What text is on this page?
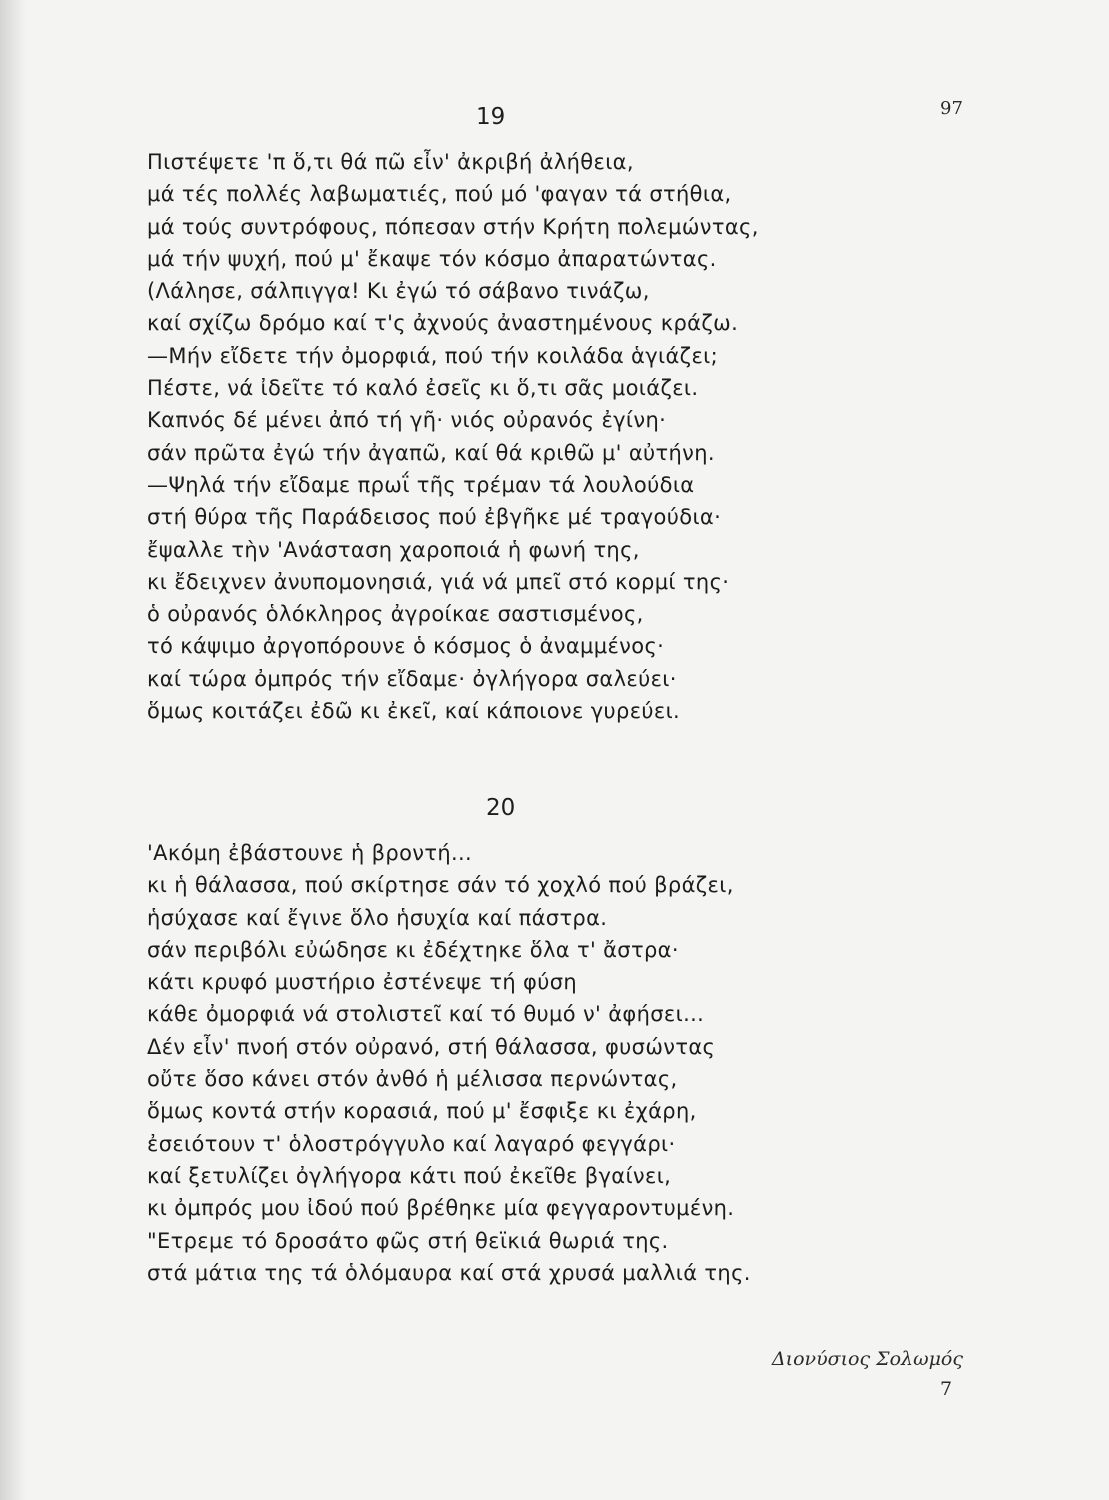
97
19
Πιστέψετε 'π ὅ,τι θά πῶ εἶν' ἀκριβή ἀλήθεια,
μά τές πολλές λαβωματιές, πού μό 'φαγαν τά στήθια,
μά τούς συντρόφους, πόπεσαν στήν Κρήτη πολεμώντας,
μά τήν ψυχή, πού μ' ἔκαψε τόν κόσμο ἀπαρατώντας.
(Λάλησε, σάλπιγγα! Κι ἐγώ τό σάβανο τινάζω,
καί σχίζω δρόμο καί τ'ς ἀχνούς ἀναστημένους κράζω.
—Μήν εἴδετε τήν ὀμορφιά, πού τήν κοιλάδα ἁγιάζει;
Πέστε, νά ἰδεῖτε τό καλό ἐσεῖς κι ὅ,τι σᾶς μοιάζει.
Καπνός δέ μένει ἀπό τή γῆ· νιός οὐρανός ἐγίνη·
σάν πρῶτα ἐγώ τήν ἀγαπῶ, καί θά κριθῶ μ' αὐτήνη.
—Ψηλά τήν εἴδαμε πρωΐ τῆς τρέμαν τά λουλούδια
στή θύρα τῆς Παράδεισος πού ἐβγῆκε μέ τραγούδια·
ἔψαλλε τὴν 'Ανάσταση χαροποιά ἡ φωνή της,
κι ἔδειχνεν ἀνυπομονησιά, γιά νά μπεῖ στό κορμί της·
ὁ οὐρανός ὁλόκληρος ἀγροίκαε σαστισμένος,
τό κάψιμο ἀργοπόρουνε ὁ κόσμος ὁ ἀναμμένος·
καί τώρα ὀμπρός τήν εἴδαμε· ὀγλήγορα σαλεύει·
ὅμως κοιτάζει ἐδῶ κι ἐκεῖ, καί κάποιονε γυρεύει.
20
'Ακόμη ἐβάστουνε ἡ βροντή...
κι ἡ θάλασσα, πού σκίρτησε σάν τό χοχλό πού βράζει,
ἡσύχασε καί ἔγινε ὅλο ἡσυχία καί πάστρα.
σάν περιβόλι εὐώδησε κι ἐδέχτηκε ὅλα τ' ἄστρα·
κάτι κρυφό μυστήριο ἐστένεψε τή φύση
κάθε ὀμορφιά νά στολιστεῖ καί τό θυμό ν' ἀφήσει...
Δέν εἶν' πνοή στόν οὐρανό, στή θάλασσα, φυσώντας
οὔτε ὅσο κάνει στόν ἀνθό ἡ μέλισσα περνώντας,
ὅμως κοντά στήν κορασιά, πού μ' ἔσφιξε κι ἐχάρη,
ἐσειότουν τ' ὁλοστρόγγυλο καί λαγαρό φεγγάρι·
καί ξετυλίζει ὀγλήγορα κάτι πού ἐκεῖθε βγαίνει,
κι ὀμπρός μου ἰδού πού βρέθηκε μία φεγγαροντυμένη.
"Ετρεμε τό δροσάτο φῶς στή θεϊκιά θωριά της.
στά μάτια της τά ὁλόμαυρα καί στά χρυσά μαλλιά της.
Διονύσιος Σολωμός
7
